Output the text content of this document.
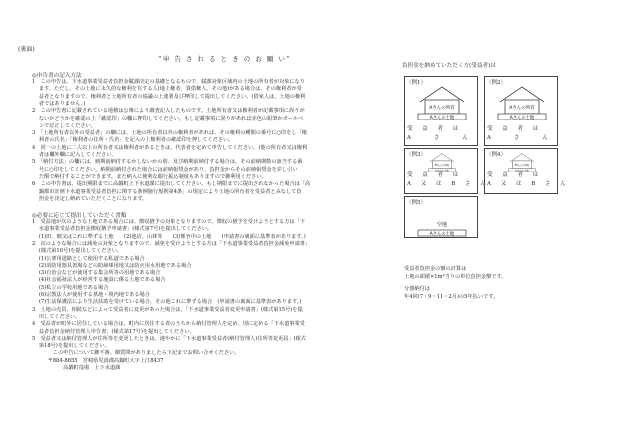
(裏面)
“申 告 さ れ る と き の お 願 い”
◎申告書の記入方法
1　この申告は、下水道事業受益者負担金賦課決定の基礎となるもので、賦課対象区域内の土地の所有者が対象になり
　 ます。ただし、その土地に永久的な権利を有する人(地上権者、賃借権人、その他)がある場合は、その権利者が受
　 益者となりますので、権利者と土地所有者の協議の上連署及び押印して提出してください。(借家人は、土地の権利
　 者ではありません。)
2　この申告書に記載されている地積は公簿により調査記入したものです。土地所有者又は権利者が記載事項に誤りが
　 ないかどうかを確認の上「確認印」の欄に押印してください。もし記載事項に誤りがあれば赤色の鉛筆かボールペ
　 ンで訂正してください。
3　「土地所有者以外の受益者」の欄には、土地の所有者以外の権利者があれば、その権利の種類の番号に○印をし「権
　 利者の氏名」「権利者の住所・氏名」を記入の上権利者の確認印を押してください。
4　同一の土地に二人以上の所有者又は権利者があるときは、代表者を定めて申告してください。(他の所有者又は権利
　 者は欄外欄に記入してください。
5　「納付方法」の欄には、納期前納付するかしないかの別、及び納期前納付する場合は、その前納期数の該当する番
　 号に○印をしてください。納期前納付された場合には前納報奨金があり、負担金からその前納報奨金を差し引い
　 た額で納付することができます。また納入に便利な銀行振込制度もありますので御利用ください。
6　この申告書は、提出期限までに高鍋町上下水道課に提出してください。もし期限までに提出されなかった場合は「高
　 鍋都市計画下水道事業受益者負担に関する条例施行規則第4条」の規定により土地の所有者を受益者とみなして負
　 担金を決定し納めていただくことになります。
◎必要に応じて提出していただく書類
1　受益地が次のような土地である場合には、徴収猶予の対象となりますので、徴収の猶予を受けようとする方は「下
　 水道事業受益者負担金徴収猶予申請書」(様式第7号)を提出してください。
　 (1)田、畑又はこれに準ずる土地　　(2)池沼、山林等　　(3)係争中の土地　　(申請書の裏面に基準表があります。)
2　次のような場合には減免の対象となりますので、減免を受けようとする方は「下水道事業受益者負担金減免申請書」
　 (様式第10号)を提出してください。
　 (1)公衆用道路として使用する私道である場合
　 (2)消防用器具置場などの防締庫用地又は防火用水用地である場合
　 (3)自治会などが使用する集会所等の用地である場合
　 (4)社会福祉法人が経営する施設に係る土地である場合
　 (5)私立の学校用地である場合
　 (6)宗教法人が使用する墓地・境内地である場合
　 (7)生活保護法により生活扶助を受けている場合、その他これに準ずる場合　(申請書の裏面に基準表があります。)
3　土地の売買、相続などによって受益者に変更があった場合は、「下水道事業受益者変更申請書」(様式第15号)を提
　 出してください。
4　受益者が町外に居住している場合は、町内に居住する者のうちから納付管理人を定め、別に定める「下水道事業受
　 益者負担金納付管理人申告書」(様式第17号)を提出してください。
5　受益者又は納付管理人が住所等を変更したときは、速やかに「下水道事業受益者(納付管理人)住所等変更届」(様式
　 第18号)を提出してください。
　　　　この申告について御不審、御質問がありましたら下記までお問い合せください。
　　　〒884-8655　宮崎県児湯郡高鍋町大字上江8437
　　　　　　高鍋町役場　上下水道課
負担金を納めていただく方(受益者)は
〈例1〉
Aさんの所有
Aさんの土地
受 益 者 は
A　　さ　　ん
〈例2〉
Aさんの所有
Aさんの土地
受 益 者 は
A　　さ　　ん
〈例3〉
Bさんの所有
Aさんの土地
受 益 者 は
A 又 は B さ ん
〈例4〉
Bさんの所有
Aさんの土地
受 益 者 は
A 又 は B さ ん
〈例5〉
空地
Aさんの土地
受益者負担金の額の計算は
土地の面積×1m²当りの単位負担金額です。
分割納付は
年4回(7・9・11・2月)の5年払いです。
